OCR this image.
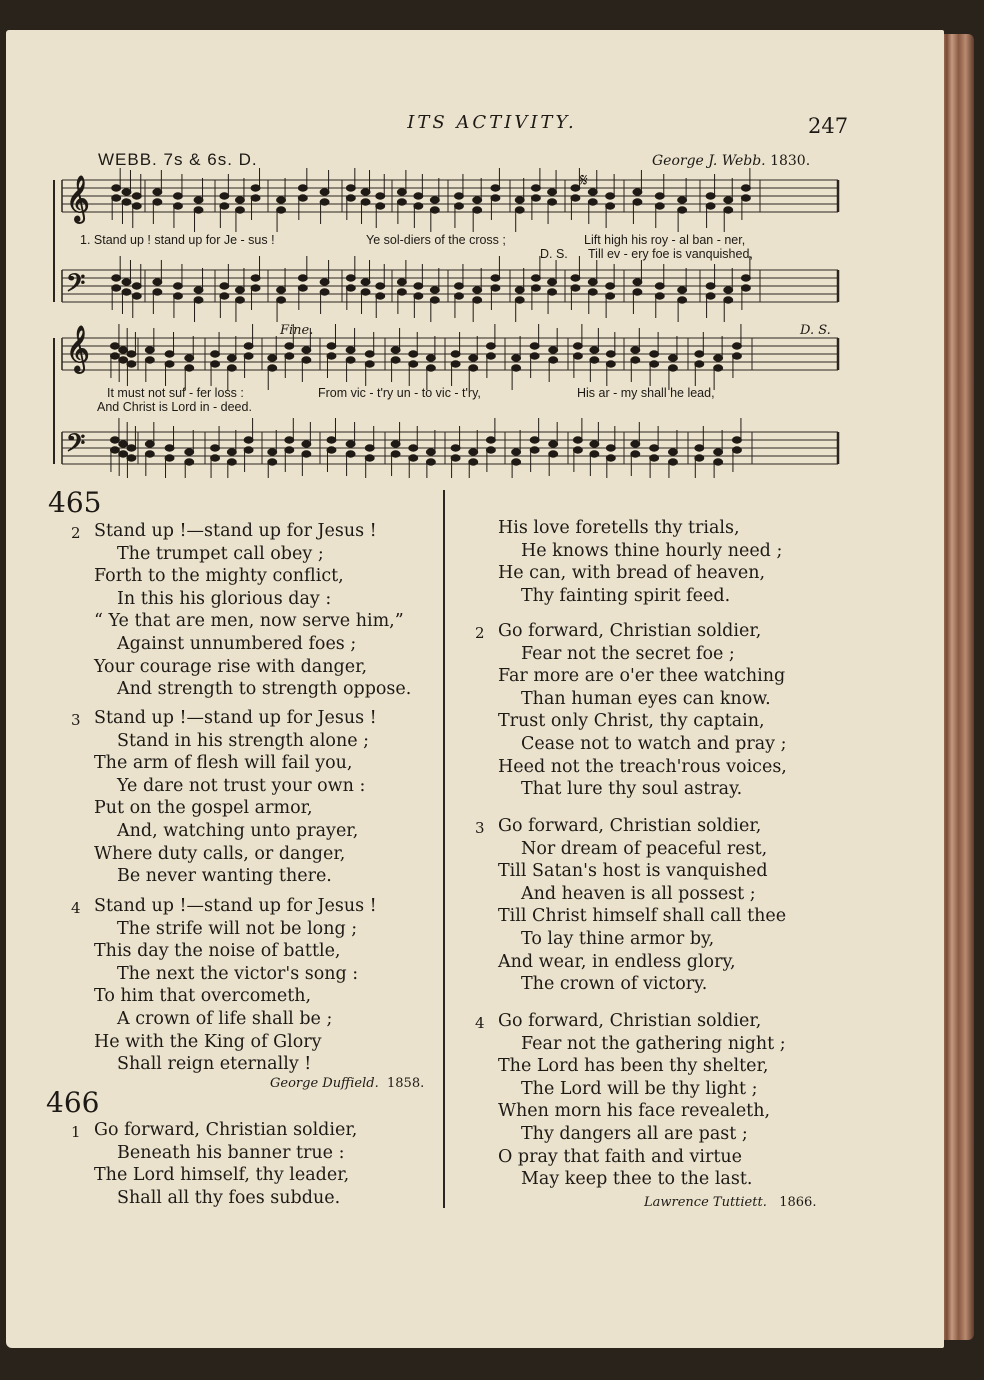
ITS ACTIVITY.	247
WEBB. 7s & 6s. D.	George J. Webb. 1830.
𝄞
𝄞
𝄢
𝄢
𝄋
Fine.	D. S.
1. Stand up ! stand up for Je - sus !	Ye sol-diers of the cross ;	Lift high his roy - al ban - ner,
D. S. Till ev - ery foe is vanquished,
It must not suf - fer loss :	From vic - t'ry un - to vic - t'ry,	His ar - my shall he lead,
And Christ is Lord in - deed.
465
2 Stand up !—stand up for Jesus !
The trumpet call obey ;
Forth to the mighty conflict,
In this his glorious day :
“ Ye that are men, now serve him,”
Against unnumbered foes ;
Your courage rise with danger,
And strength to strength oppose.
3 Stand up !—stand up for Jesus !
Stand in his strength alone ;
The arm of flesh will fail you,
Ye dare not trust your own :
Put on the gospel armor,
And, watching unto prayer,
Where duty calls, or danger,
Be never wanting there.
4 Stand up !—stand up for Jesus !
The strife will not be long ;
This day the noise of battle,
The next the victor's song :
To him that overcometh,
A crown of life shall be ;
He with the King of Glory
Shall reign eternally !
George Duffield. 1858.
466
1 Go forward, Christian soldier,
Beneath his banner true :
The Lord himself, thy leader,
Shall all thy foes subdue.
His love foretells thy trials,
He knows thine hourly need ;
He can, with bread of heaven,
Thy fainting spirit feed.
2 Go forward, Christian soldier,
Fear not the secret foe ;
Far more are o'er thee watching
Than human eyes can know.
Trust only Christ, thy captain,
Cease not to watch and pray ;
Heed not the treach'rous voices,
That lure thy soul astray.
3 Go forward, Christian soldier,
Nor dream of peaceful rest,
Till Satan's host is vanquished
And heaven is all possest ;
Till Christ himself shall call thee
To lay thine armor by,
And wear, in endless glory,
The crown of victory.
4 Go forward, Christian soldier,
Fear not the gathering night ;
The Lord has been thy shelter,
The Lord will be thy light ;
When morn his face revealeth,
Thy dangers all are past ;
O pray that faith and virtue
May keep thee to the last.
Lawrence Tuttiett. 1866.
